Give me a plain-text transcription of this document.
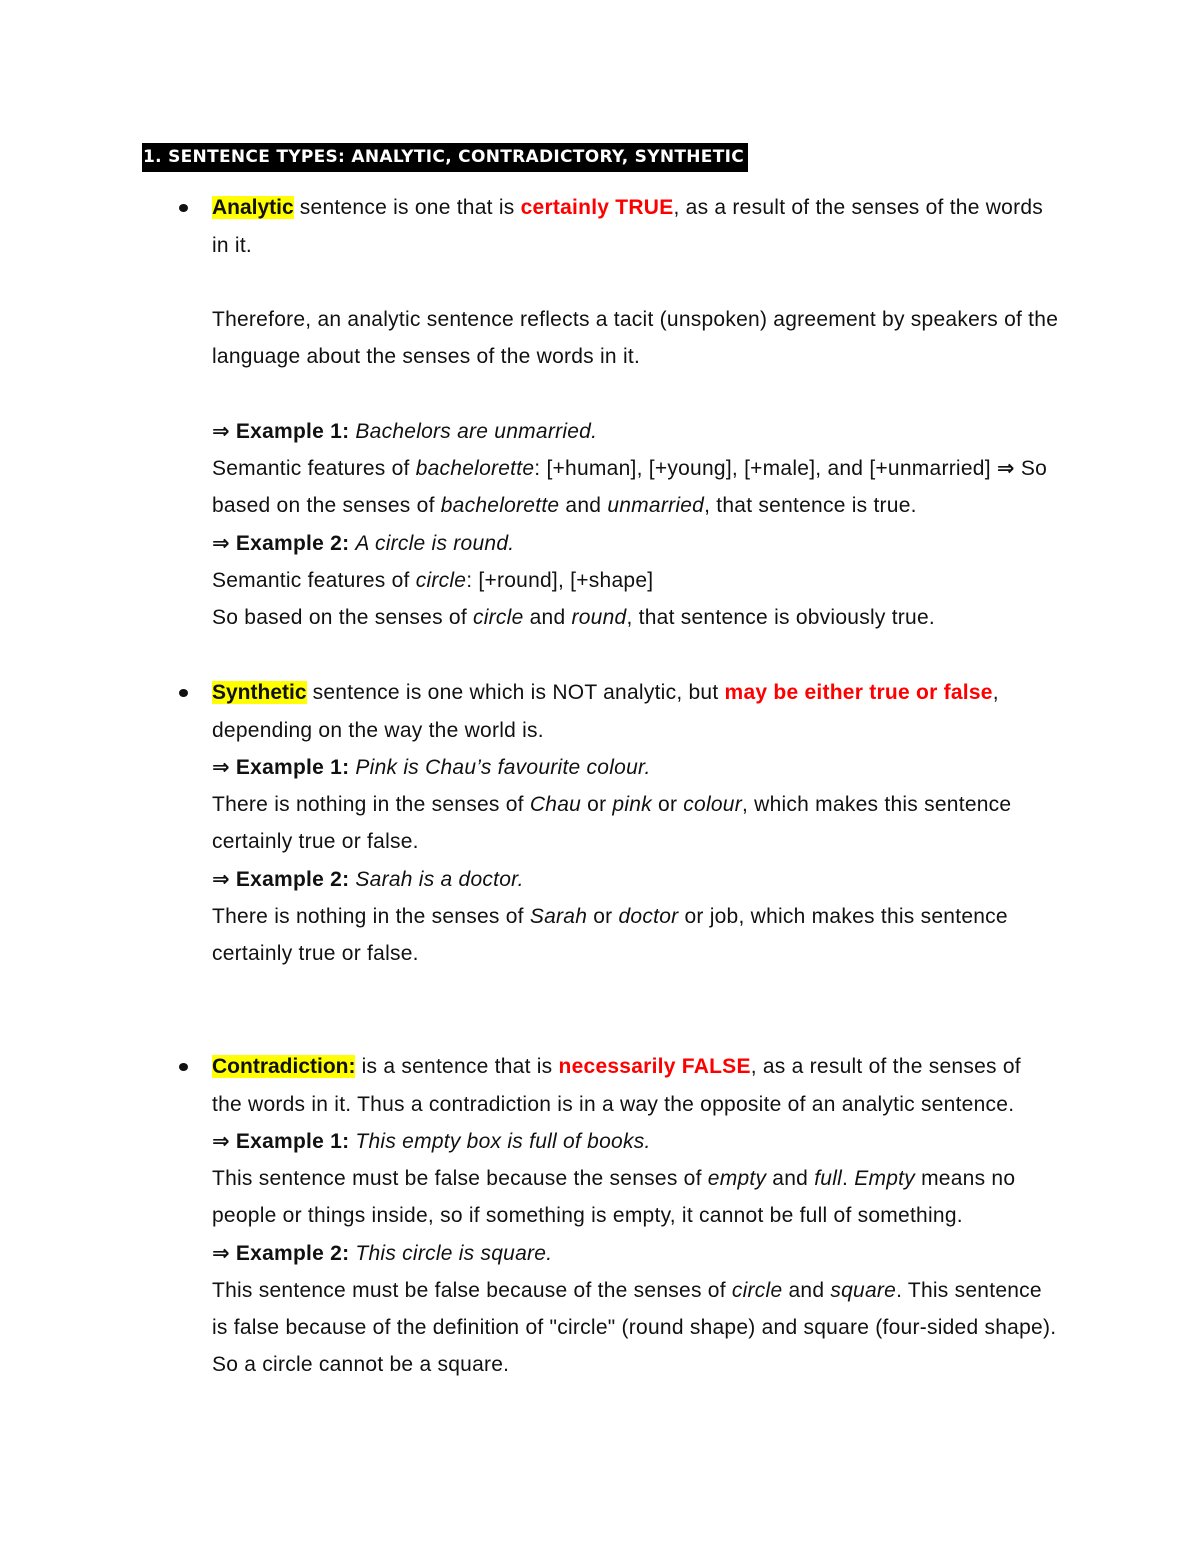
1. SENTENCE TYPES: ANALYTIC, CONTRADICTORY, SYNTHETIC
Analytic sentence is one that is certainly TRUE, as a result of the senses of the words
in it.
Therefore, an analytic sentence reflects a tacit (unspoken) agreement by speakers of the
language about the senses of the words in it.
⇒ Example 1: Bachelors are unmarried.
Semantic features of bachelorette: [+human], [+young], [+male], and [+unmarried] ⇒ So
based on the senses of bachelorette and unmarried, that sentence is true.
⇒ Example 2: A circle is round.
Semantic features of circle: [+round], [+shape]
So based on the senses of circle and round, that sentence is obviously true.
Synthetic sentence is one which is NOT analytic, but may be either true or false,
depending on the way the world is.
⇒ Example 1: Pink is Chau’s favourite colour.
There is nothing in the senses of Chau or pink or colour, which makes this sentence
certainly true or false.
⇒ Example 2: Sarah is a doctor.
There is nothing in the senses of Sarah or doctor or job, which makes this sentence
certainly true or false.
Contradiction: is a sentence that is necessarily FALSE, as a result of the senses of
the words in it. Thus a contradiction is in a way the opposite of an analytic sentence.
⇒ Example 1: This empty box is full of books.
This sentence must be false because the senses of empty and full. Empty means no
people or things inside, so if something is empty, it cannot be full of something.
⇒ Example 2: This circle is square.
This sentence must be false because of the senses of circle and square. This sentence
is false because of the definition of "circle" (round shape) and square (four-sided shape).
So a circle cannot be a square.
